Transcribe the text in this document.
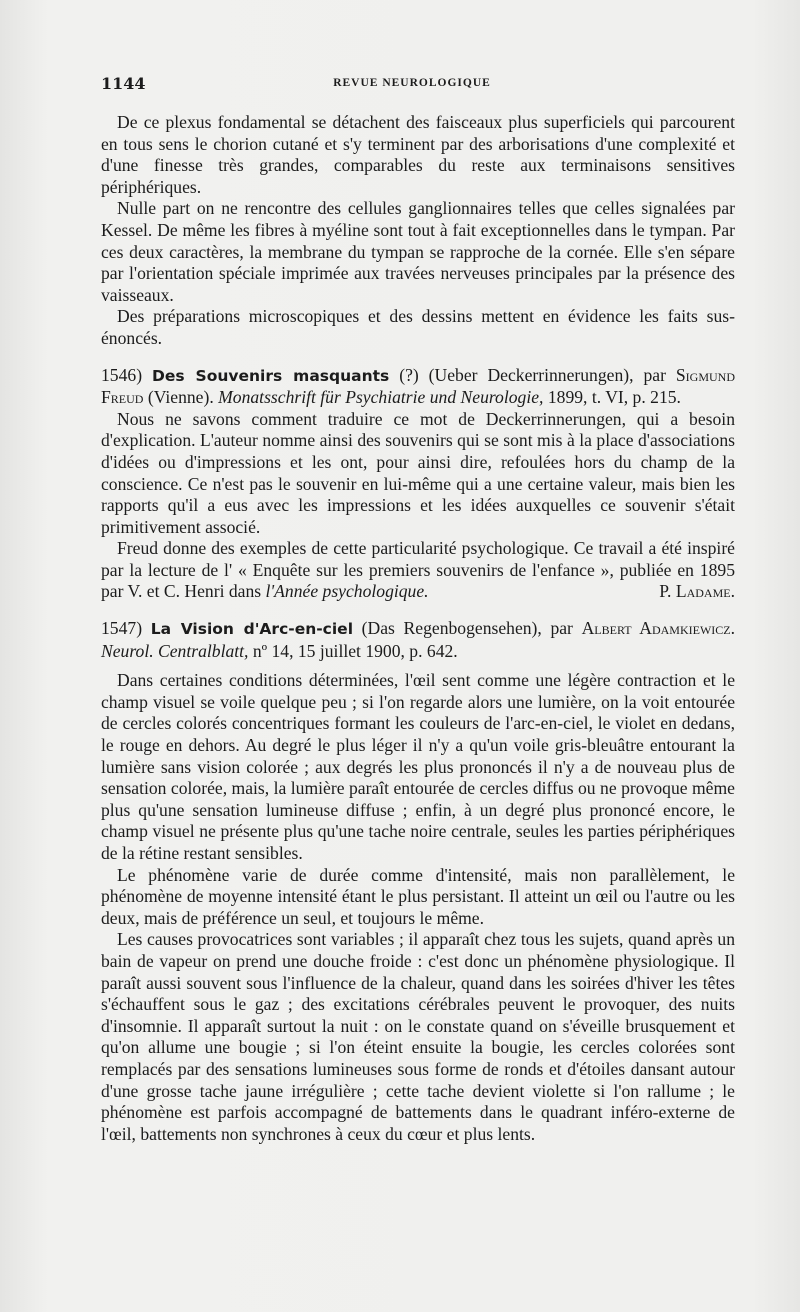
1144	REVUE NEUROLOGIQUE

De ce plexus fondamental se détachent des faisceaux plus superficiels qui parcourent en tous sens le chorion cutané et s'y terminent par des arborisations d'une complexité et d'une finesse très grandes, comparables du reste aux terminaisons sensitives périphériques.

Nulle part on ne rencontre des cellules ganglionnaires telles que celles signalées par Kessel. De même les fibres à myéline sont tout à fait exceptionnelles dans le tympan. Par ces deux caractères, la membrane du tympan se rapproche de la cornée. Elle s'en sépare par l'orientation spéciale imprimée aux travées nerveuses principales par la présence des vaisseaux.

Des préparations microscopiques et des dessins mettent en évidence les faits sus-énoncés.

1546) Des Souvenirs masquants (?) (Ueber Deckerrinnerungen), par Sigmund Freud (Vienne). Monatsschrift für Psychiatrie und Neurologie, 1899, t. VI, p. 215.

Nous ne savons comment traduire ce mot de Deckerrinnerungen, qui a besoin d'explication. L'auteur nomme ainsi des souvenirs qui se sont mis à la place d'associations d'idées ou d'impressions et les ont, pour ainsi dire, refoulées hors du champ de la conscience. Ce n'est pas le souvenir en lui-même qui a une certaine valeur, mais bien les rapports qu'il a eus avec les impressions et les idées auxquelles ce souvenir s'était primitivement associé.

Freud donne des exemples de cette particularité psychologique. Ce travail a été inspiré par la lecture de l' « Enquête sur les premiers souvenirs de l'enfance », publiée en 1895 par V. et C. Henri dans l'Année psychologique.	P. Ladame.

1547) La Vision d'Arc-en-ciel (Das Regenbogensehen), par Albert Adamkiewicz. Neurol. Centralblatt, nº 14, 15 juillet 1900, p. 642.

Dans certaines conditions déterminées, l'œil sent comme une légère contraction et le champ visuel se voile quelque peu ; si l'on regarde alors une lumière, on la voit entourée de cercles colorés concentriques formant les couleurs de l'arc-en-ciel, le violet en dedans, le rouge en dehors. Au degré le plus léger il n'y a qu'un voile gris-bleuâtre entourant la lumière sans vision colorée ; aux degrés les plus prononcés il n'y a de nouveau plus de sensation colorée, mais, la lumière paraît entourée de cercles diffus ou ne provoque même plus qu'une sensation lumineuse diffuse ; enfin, à un degré plus prononcé encore, le champ visuel ne présente plus qu'une tache noire centrale, seules les parties périphériques de la rétine restant sensibles.

Le phénomène varie de durée comme d'intensité, mais non parallèlement, le phénomène de moyenne intensité étant le plus persistant. Il atteint un œil ou l'autre ou les deux, mais de préférence un seul, et toujours le même.

Les causes provocatrices sont variables ; il apparaît chez tous les sujets, quand après un bain de vapeur on prend une douche froide : c'est donc un phénomène physiologique. Il paraît aussi souvent sous l'influence de la chaleur, quand dans les soirées d'hiver les têtes s'échauffent sous le gaz ; des excitations cérébrales peuvent le provoquer, des nuits d'insomnie. Il apparaît surtout la nuit : on le constate quand on s'éveille brusquement et qu'on allume une bougie ; si l'on éteint ensuite la bougie, les cercles colorées sont remplacés par des sensations lumineuses sous forme de ronds et d'étoiles dansant autour d'une grosse tache jaune irrégulière ; cette tache devient violette si l'on rallume ; le phénomène est parfois accompagné de battements dans le quadrant inféro-externe de l'œil, battements non synchrones à ceux du cœur et plus lents.
